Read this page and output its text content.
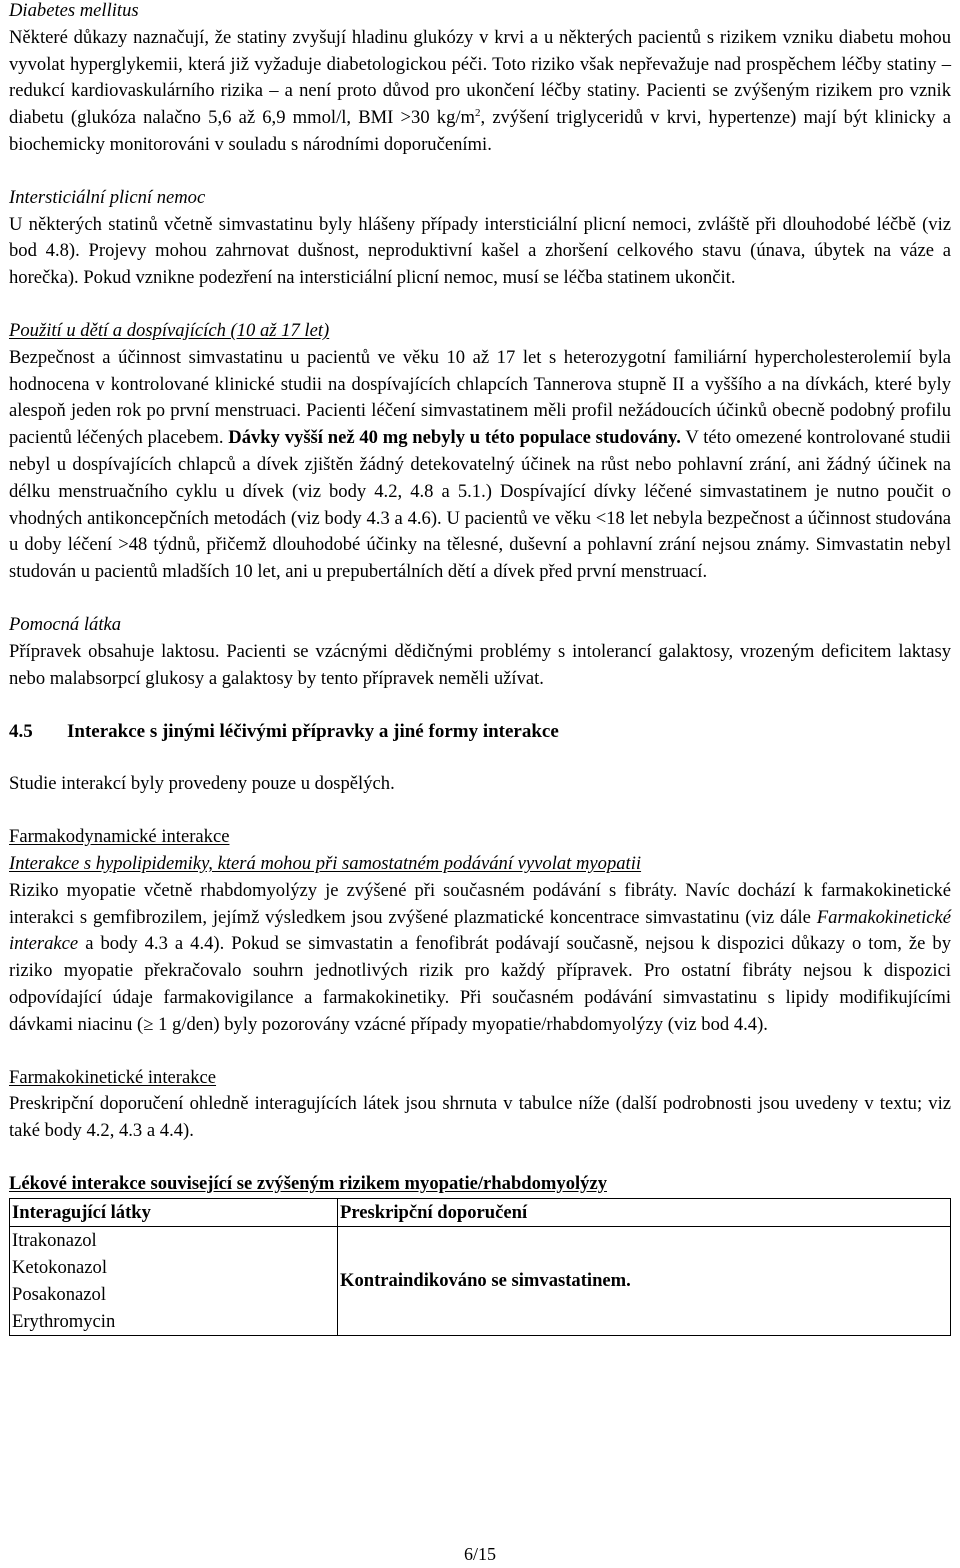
Diabetes mellitus

Některé důkazy naznačují, že statiny zvyšují hladinu glukózy v krvi a u některých pacientů s rizikem vzniku diabetu mohou vyvolat hyperglykemii, která již vyžaduje diabetologickou péči. Toto riziko však nepřevažuje nad prospěchem léčby statiny – redukcí kardiovaskulárního rizika – a není proto důvod pro ukončení léčby statiny. Pacienti se zvýšeným rizikem pro vznik diabetu (glukóza nalačno 5,6 až 6,9 mmol/l, BMI >30 $kg/m^2$, zvýšení triglyceridů v krvi, hypertenze) mají být klinicky a biochemicky monitorováni v souladu s národními doporučeními.

Intersticiální plicní nemoc

U některých statinů včetně simvastatinu byly hlášeny případy intersticiální plicní nemoci, zvláště při dlouhodobé léčbě (viz bod 4.8). Projevy mohou zahrnovat dušnost, neproduktivní kašel a zhoršení celkového stavu (únava, úbytek na váze a horečka). Pokud vznikne podezření na intersticiální plicní nemoc, musí se léčba statinem ukončit.

Použití u dětí a dospívajících (10 až 17 let)

Bezpečnost a účinnost simvastatinu u pacientů ve věku 10 až 17 let s heterozygotní familiární hypercholesterolemií byla hodnocena v kontrolované klinické studii na dospívajících chlapcích Tannerova stupně II a vyššího a na dívkách, které byly alespoň jeden rok po první menstruaci. Pacienti léčení simvastatinem měli profil nežádoucích účinků obecně podobný profilu pacientů léčených placebem. Dávky vyšší než 40 mg nebyly u této populace studovány. V této omezené kontrolované studii nebyl u dospívajících chlapců a dívek zjištěn žádný detekovatelný účinek na růst nebo pohlavní zrání, ani žádný účinek na délku menstruačního cyklu u dívek (viz body 4.2, 4.8 a 5.1.) Dospívající dívky léčené simvastatinem je nutno poučit o vhodných antikoncepčních metodách (viz body 4.3 a 4.6). U pacientů ve věku <18 let nebyla bezpečnost a účinnost studována u doby léčení >48 týdnů, přičemž dlouhodobé účinky na tělesné, duševní a pohlavní zrání nejsou známy. Simvastatin nebyl studován u pacientů mladších 10 let, ani u prepubertálních dětí a dívek před první menstruací.

Pomocná látka

Přípravek obsahuje laktosu. Pacienti se vzácnými dědičnými problémy s intolerancí galaktosy, vrozeným deficitem laktasy nebo malabsorpcí glukosy a galaktosy by tento přípravek neměli užívat.

4.5 Interakce s jinými léčivými přípravky a jiné formy interakce

Studie interakcí byly provedeny pouze u dospělých.

Farmakodynamické interakce

Interakce s hypolipidemiky, která mohou při samostatném podávání vyvolat myopatii

Riziko myopatie včetně rhabdomyolýzy je zvýšené při současném podávání s fibráty. Navíc dochází k farmakokinetické interakci s gemfibrozilem, jejímž výsledkem jsou zvýšené plazmatické koncentrace simvastatinu (viz dále Farmakokinetické interakce a body 4.3 a 4.4). Pokud se simvastatin a fenofibrát podávají současně, nejsou k dispozici důkazy o tom, že by riziko myopatie překračovalo souhrn jednotlivých rizik pro každý přípravek. Pro ostatní fibráty nejsou k dispozici odpovídající údaje farmakovigilance a farmakokinetiky. Při současném podávání simvastatinu s lipidy modifikujícími dávkami niacinu (≥ 1 g/den) byly pozorovány vzácné případy myopatie/rhabdomyolýzy (viz bod 4.4).

Farmakokinetické interakce

Preskripční doporučení ohledně interagujících látek jsou shrnuta v tabulce níže (další podrobnosti jsou uvedeny v textu; viz také body 4.2, 4.3 a 4.4).

Lékové interakce související se zvýšeným rizikem myopatie/rhabdomyolýzy

Interagující látky	Preskripční doporučení

Itrakonazol
Ketokonazol
Posakonazol
Erythromycin	Kontraindikováno se simvastatinem.
6/15
